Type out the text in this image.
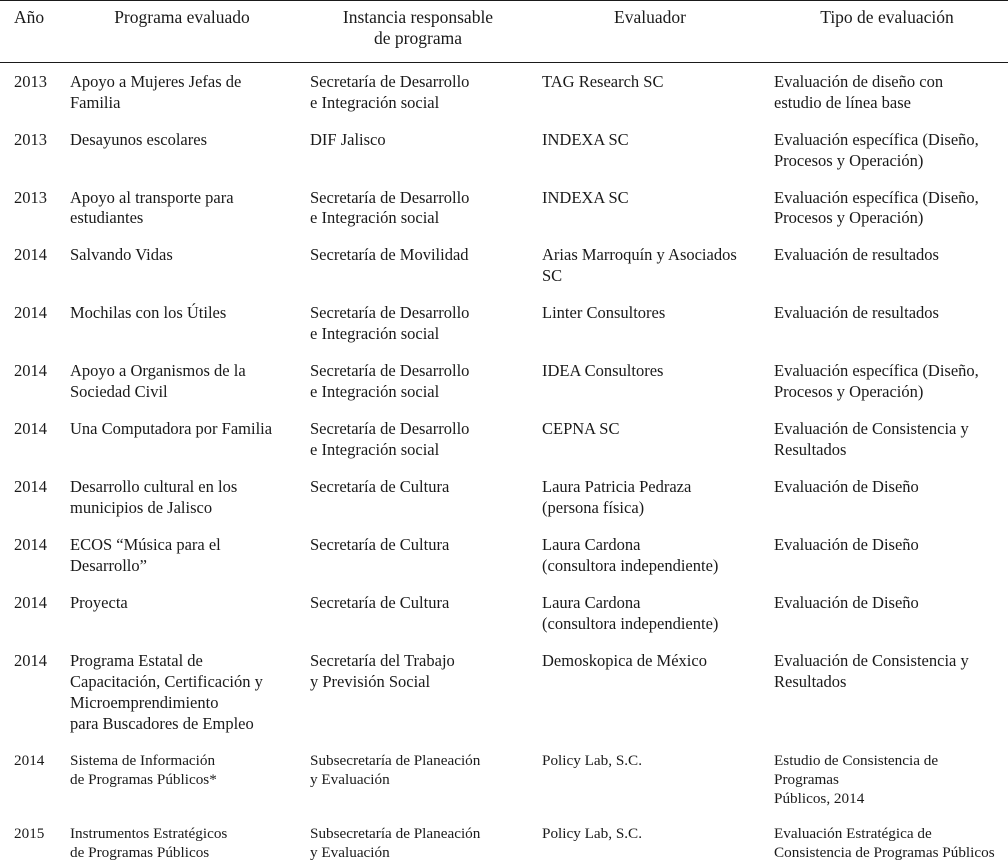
Año	Programa evaluado	Instancia responsable
de programa	Evaluador	Tipo de evaluación

2013	Apoyo a Mujeres Jefas de
Familia	Secretaría de Desarrollo
e Integración social	TAG Research SC	Evaluación de diseño con
estudio de línea base

2013	Desayunos escolares	DIF Jalisco	INDEXA SC	Evaluación específica (Diseño,
Procesos y Operación)

2013	Apoyo al transporte para
estudiantes	Secretaría de Desarrollo
e Integración social	INDEXA SC	Evaluación específica (Diseño,
Procesos y Operación)

2014	Salvando Vidas	Secretaría de Movilidad	Arias Marroquín y Asociados SC	Evaluación de resultados

2014	Mochilas con los Útiles	Secretaría de Desarrollo
e Integración social	Linter Consultores	Evaluación de resultados

2014	Apoyo a Organismos de la
Sociedad Civil	Secretaría de Desarrollo
e Integración social	IDEA Consultores	Evaluación específica (Diseño,
Procesos y Operación)

2014	Una Computadora por Familia	Secretaría de Desarrollo
e Integración social	CEPNA SC	Evaluación de Consistencia y
Resultados

2014	Desarrollo cultural en los
municipios de Jalisco	Secretaría de Cultura	Laura Patricia Pedraza
(persona física)	Evaluación de Diseño

2014	ECOS “Música para el Desarrollo”	Secretaría de Cultura	Laura Cardona
(consultora independiente)	Evaluación de Diseño

2014	Proyecta	Secretaría de Cultura	Laura Cardona
(consultora independiente)	Evaluación de Diseño

2014	Programa Estatal de
Capacitación, Certificación y
Microemprendimiento
para Buscadores de Empleo	Secretaría del Trabajo
y Previsión Social	Demoskopica de México	Evaluación de Consistencia y
Resultados

2014	Sistema de Información
de Programas Públicos*	Subsecretaría de Planeación
y Evaluación	Policy Lab, S.C.	Estudio de Consistencia de Programas
Públicos, 2014

2015	Instrumentos Estratégicos
de Programas Públicos	Subsecretaría de Planeación
y Evaluación	Policy Lab, S.C.	Evaluación Estratégica de
Consistencia de Programas Públicos
